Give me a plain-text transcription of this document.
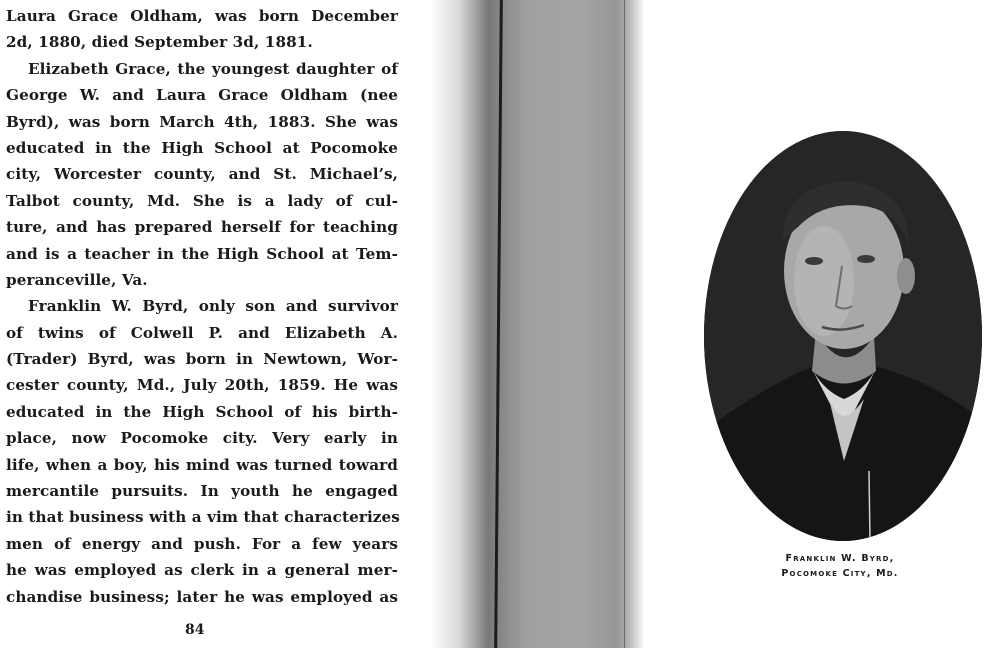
Laura Grace Oldham, was born December
2d, 1880, died September 3d, 1881.
Elizabeth Grace, the youngest daughter of
George W. and Laura Grace Oldham (nee
Byrd), was born March 4th, 1883. She was
educated in the High School at Pocomoke
city, Worcester county, and St. Michael’s,
Talbot county, Md. She is a lady of cul-
ture, and has prepared herself for teaching
and is a teacher in the High School at Tem-
peranceville, Va.
Franklin W. Byrd, only son and survivor
of twins of Colwell P. and Elizabeth A.
(Trader) Byrd, was born in Newtown, Wor-
cester county, Md., July 20th, 1859. He was
educated in the High School of his birth-
place, now Pocomoke city. Very early in
life, when a boy, his mind was turned toward
mercantile pursuits. In youth he engaged
in that business with a vim that characterizes
men of energy and push. For a few years
he was employed as clerk in a general mer-
chandise business; later he was employed as
84
Franklin W. Byrd,
Pocomoke City, Md.
